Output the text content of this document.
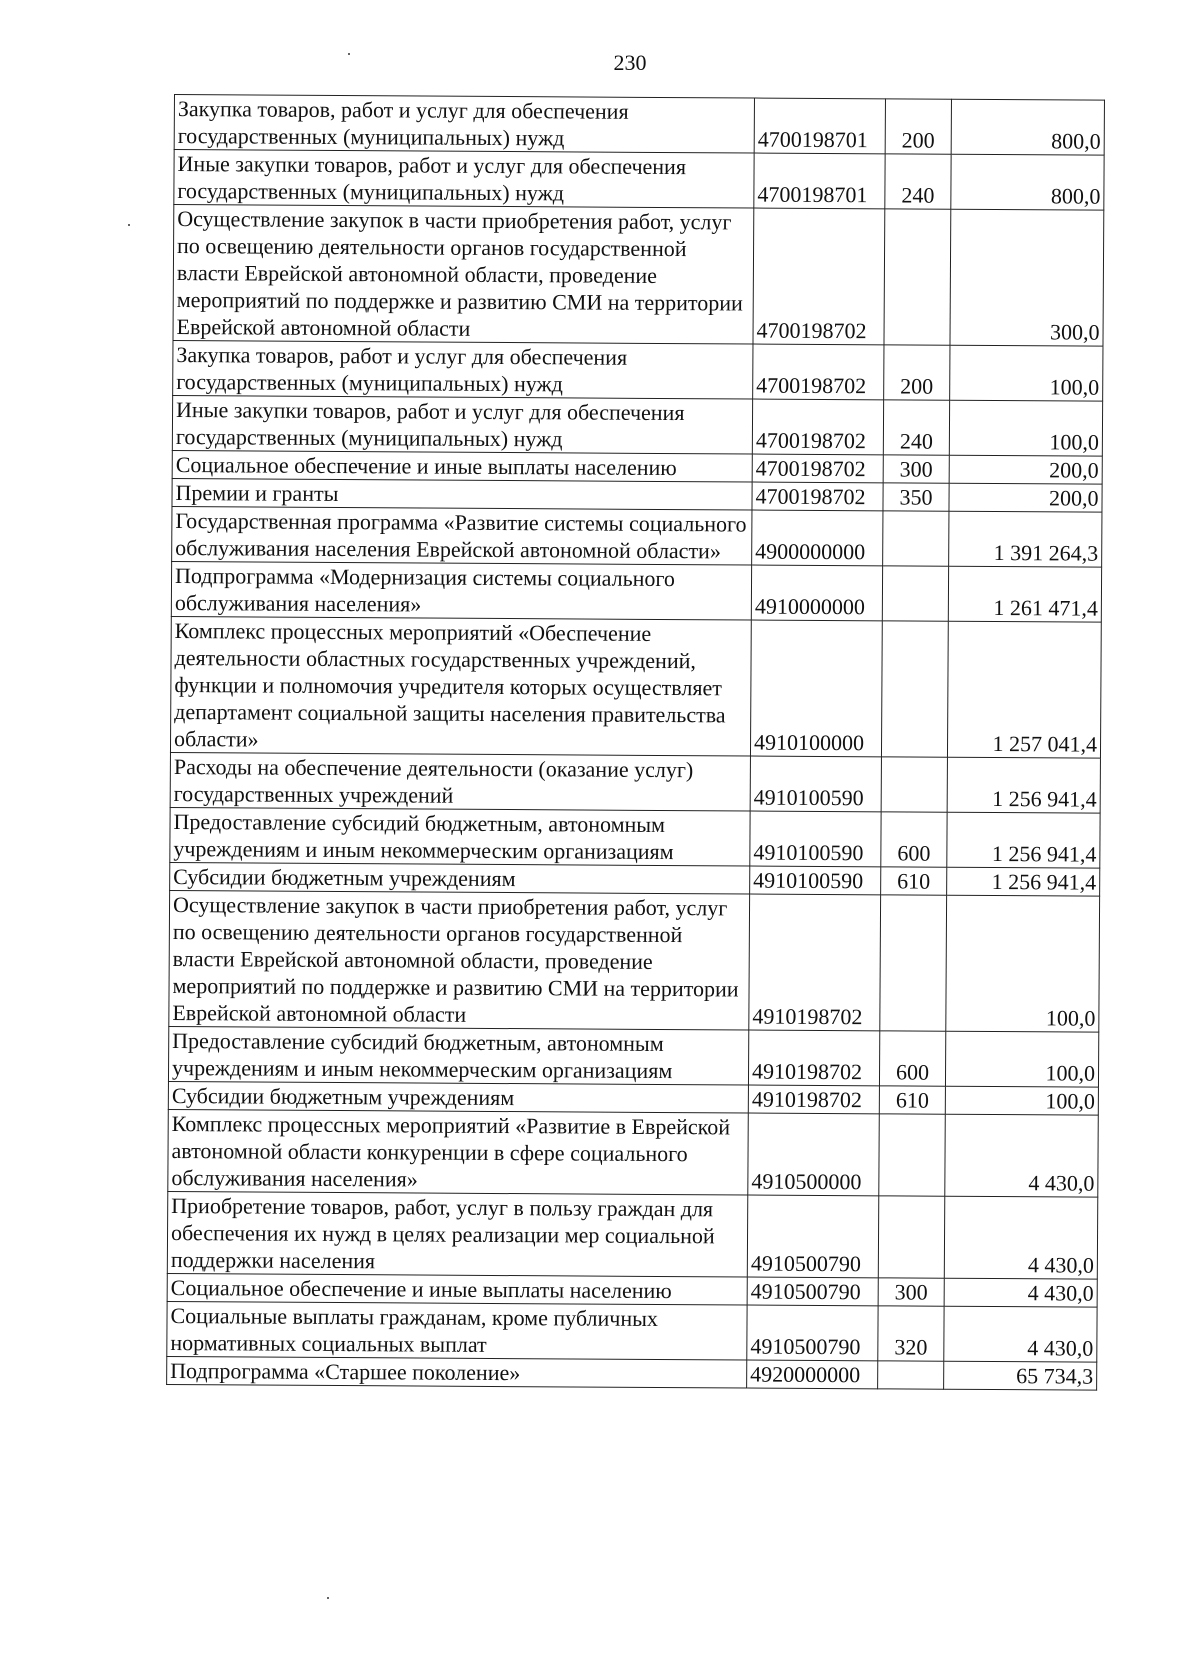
230
Закупка товаров, работ и услуг для обеспечения государственных (муниципальных) нужд	4700198701	200	800,0
Иные закупки товаров, работ и услуг для обеспечения государственных (муниципальных) нужд	4700198701	240	800,0
Осуществление закупок в части приобретения работ, услуг по освещению деятельности органов государственной власти Еврейской автономной области, проведение мероприятий по поддержке и развитию СМИ на территории Еврейской автономной области	4700198702		300,0
Закупка товаров, работ и услуг для обеспечения государственных (муниципальных) нужд	4700198702	200	100,0
Иные закупки товаров, работ и услуг для обеспечения государственных (муниципальных) нужд	4700198702	240	100,0
Социальное обеспечение и иные выплаты населению	4700198702	300	200,0
Премии и гранты	4700198702	350	200,0
Государственная программа «Развитие системы социального обслуживания населения Еврейской автономной области»	4900000000		1 391 264,3
Подпрограмма «Модернизация системы социального обслуживания населения»	4910000000		1 261 471,4
Комплекс процессных мероприятий «Обеспечение деятельности областных государственных учреждений, функции и полномочия учредителя которых осуществляет департамент социальной защиты населения правительства области»	4910100000		1 257 041,4
Расходы на обеспечение деятельности (оказание услуг) государственных учреждений	4910100590		1 256 941,4
Предоставление субсидий бюджетным, автономным учреждениям и иным некоммерческим организациям	4910100590	600	1 256 941,4
Субсидии бюджетным учреждениям	4910100590	610	1 256 941,4
Осуществление закупок в части приобретения работ, услуг по освещению деятельности органов государственной власти Еврейской автономной области, проведение мероприятий по поддержке и развитию СМИ на территории Еврейской автономной области	4910198702		100,0
Предоставление субсидий бюджетным, автономным учреждениям и иным некоммерческим организациям	4910198702	600	100,0
Субсидии бюджетным учреждениям	4910198702	610	100,0
Комплекс процессных мероприятий «Развитие в Еврейской автономной области конкуренции в сфере социального обслуживания населения»	4910500000		4 430,0
Приобретение товаров, работ, услуг в пользу граждан для обеспечения их нужд в целях реализации мер социальной поддержки населения	4910500790		4 430,0
Социальное обеспечение и иные выплаты населению	4910500790	300	4 430,0
Социальные выплаты гражданам, кроме публичных нормативных социальных выплат	4910500790	320	4 430,0
Подпрограмма «Старшее поколение»	4920000000		65 734,3
